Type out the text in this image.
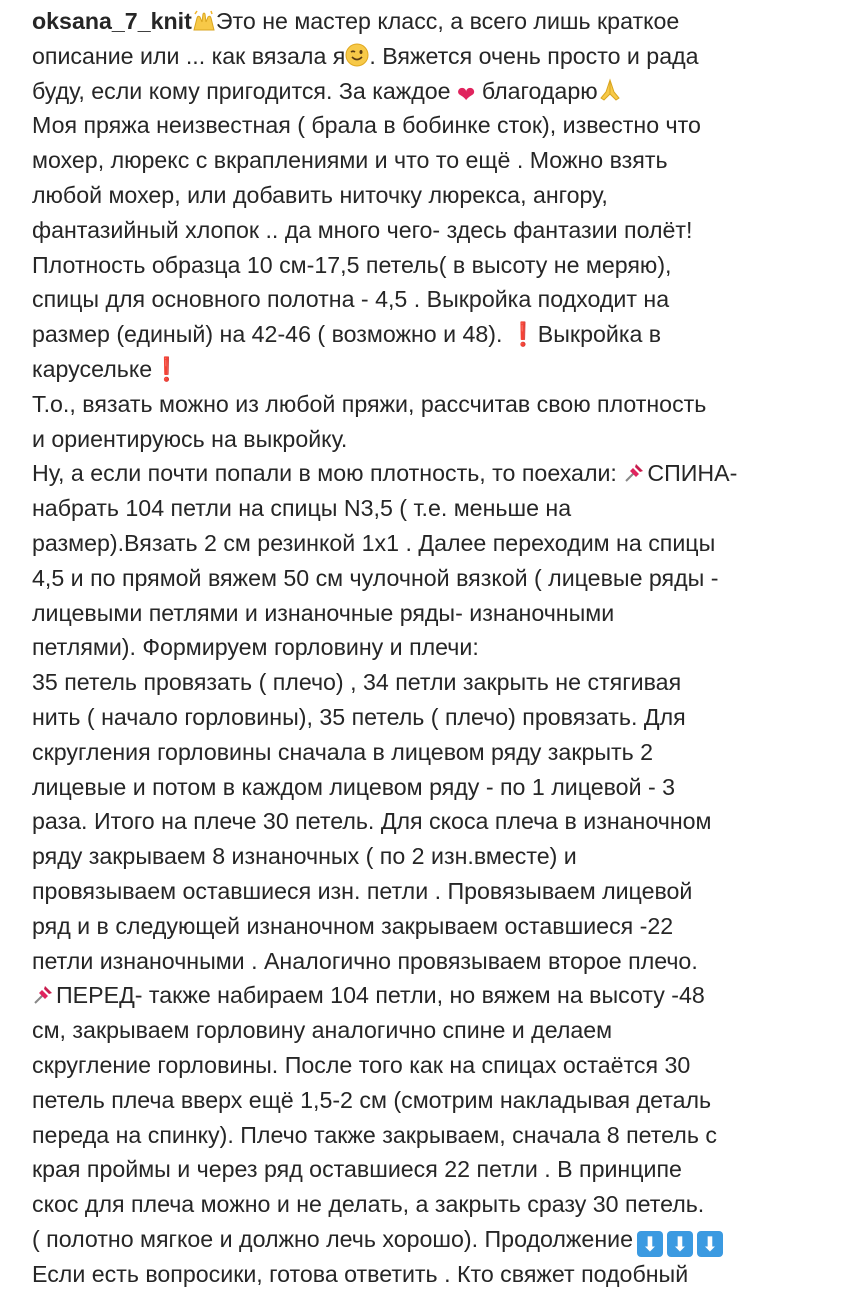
oksana_7_knit Это не мастер класс, а всего лишь краткое
описание или ... как вязала я . Вяжется очень просто и рада
буду, если кому пригодится. За каждое ❤ благодарю
Моя пряжа неизвестная ( брала в бобинке сток), известно что
мохер, люрекс с вкраплениями и что то ещё . Можно взять
любой мохер, или добавить ниточку люрекса, ангору,
фантазийный хлопок .. да много чего- здесь фантазии полёт!
Плотность образца 10 см-17,5 петель( в высоту не меряю),
спицы для основного полотна - 4,5 . Выкройка подходит на
размер (единый) на 42-46 ( возможно и 48). ❗Выкройка в
карусельке❗
Т.о., вязать можно из любой пряжи, рассчитав свою плотность
и ориентируюсь на выкройку.
Ну, а если почти попали в мою плотность, то поехали:
СПИНА-
набрать 104 петли на спицы N3,5 ( т.е. меньше на
размер).Вязать 2 см резинкой 1х1 . Далее переходим на спицы
4,5 и по прямой вяжем 50 см чулочной вязкой ( лицевые ряды -
лицевыми петлями и изнаночные ряды- изнаночными
петлями). Формируем горловину и плечи:
35 петель провязать ( плечо) , 34 петли закрыть не стягивая
нить ( начало горловины), 35 петель ( плечо) провязать. Для
скругления горловины сначала в лицевом ряду закрыть 2
лицевые и потом в каждом лицевом ряду - по 1 лицевой - 3
раза. Итого на плече 30 петель. Для скоса плеча в изнаночном
ряду закрываем 8 изнаночных ( по 2 изн.вместе) и
провязываем оставшиеся изн. петли . Провязываем лицевой
ряд и в следующей изнаночном закрываем оставшиеся -22
петли изнаночными . Аналогично провязываем второе плечо.
ПЕРЕД- также набираем 104 петли, но вяжем на высоту -48
см, закрываем горловину аналогично спине и делаем
скругление горловины. После того как на спицах остаётся 30
петель плеча вверх ещё 1,5-2 см (смотрим накладывая деталь
переда на спинку). Плечо также закрываем, сначала 8 петель с
края проймы и через ряд оставшиеся 22 петли . В принципе
скос для плеча можно и не делать, а закрыть сразу 30 петель.
( полотно мягкое и должно лечь хорошо). Продолжение ⬇ ⬇ ⬇
Если есть вопросики, готова ответить . Кто свяжет подобный
